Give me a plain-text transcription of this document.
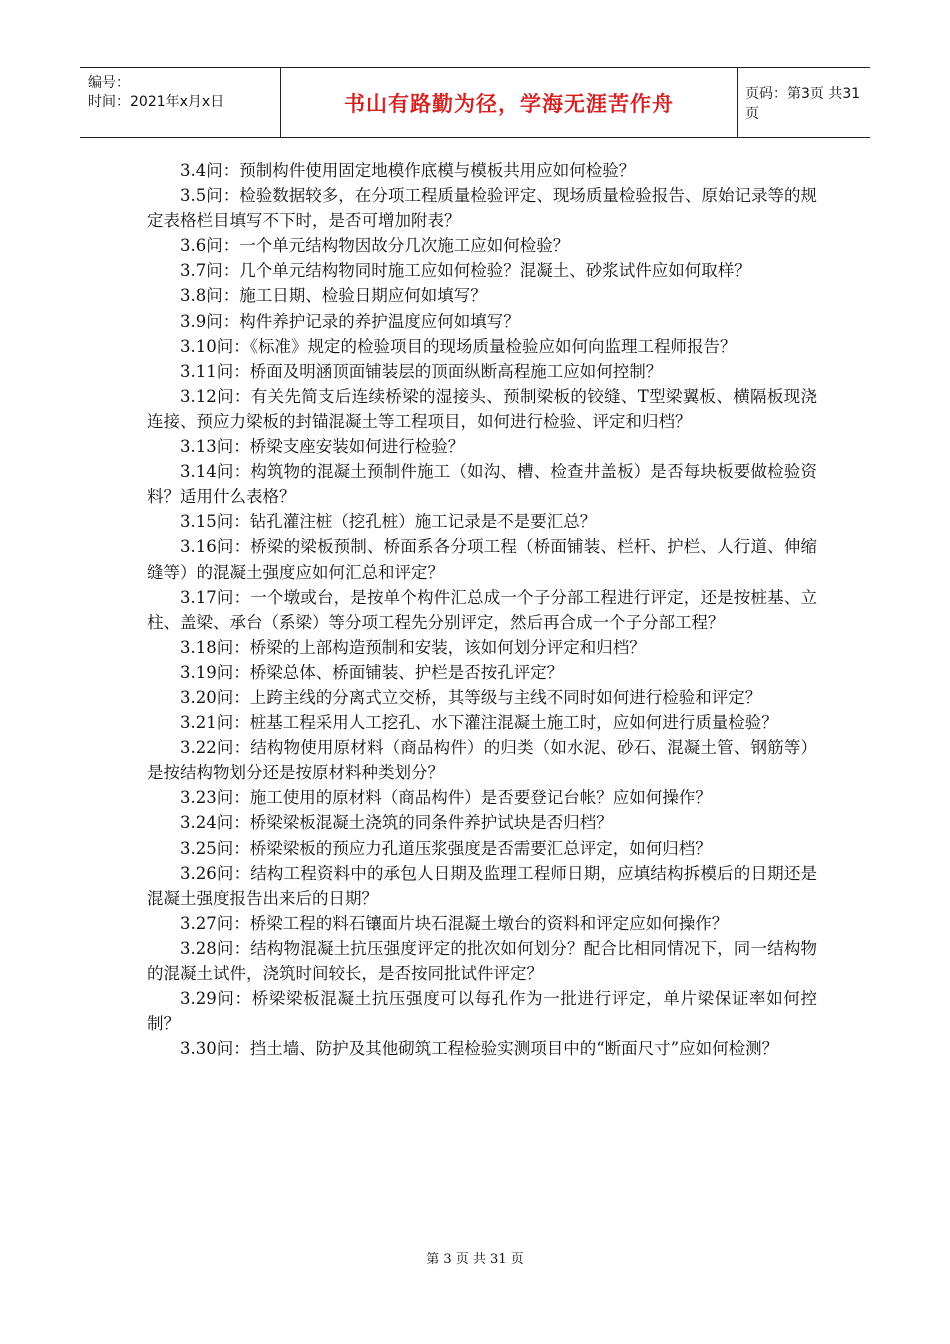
编号：
时间：2021年x月x日	书山有路勤为径，学海无涯苦作舟	页码：第3页 共31页
3.4问：预制构件使用固定地模作底模与模板共用应如何检验？
3.5问：检验数据较多，在分项工程质量检验评定、现场质量检验报告、原始记录等的规定表格栏目填写不下时，是否可增加附表？
3.6问：一个单元结构物因故分几次施工应如何检验？
3.7问：几个单元结构物同时施工应如何检验？混凝土、砂浆试件应如何取样？
3.8问：施工日期、检验日期应何如填写？
3.9问：构件养护记录的养护温度应何如填写？
3.10问：《标准》规定的检验项目的现场质量检验应如何向监理工程师报告？
3.11问：桥面及明涵顶面铺装层的顶面纵断高程施工应如何控制？
3.12问：有关先简支后连续桥梁的湿接头、预制梁板的铰缝、T型梁翼板、横隔板现浇连接、预应力梁板的封锚混凝土等工程项目，如何进行检验、评定和归档？
3.13问：桥梁支座安装如何进行检验？
3.14问：构筑物的混凝土预制件施工（如沟、槽、检查井盖板）是否每块板要做检验资料？适用什么表格？
3.15问：钻孔灌注桩（挖孔桩）施工记录是不是要汇总？
3.16问：桥梁的梁板预制、桥面系各分项工程（桥面铺装、栏杆、护栏、人行道、伸缩缝等）的混凝土强度应如何汇总和评定？
3.17问：一个墩或台，是按单个构件汇总成一个子分部工程进行评定，还是按桩基、立柱、盖梁、承台（系梁）等分项工程先分别评定，然后再合成一个子分部工程？
3.18问：桥梁的上部构造预制和安装，该如何划分评定和归档？
3.19问：桥梁总体、桥面铺装、护栏是否按孔评定？
3.20问：上跨主线的分离式立交桥，其等级与主线不同时如何进行检验和评定？
3.21问：桩基工程采用人工挖孔、水下灌注混凝土施工时，应如何进行质量检验？
3.22问：结构物使用原材料（商品构件）的归类（如水泥、砂石、混凝土管、钢筋等）是按结构物划分还是按原材料种类划分？
3.23问：施工使用的原材料（商品构件）是否要登记台帐？应如何操作？
3.24问：桥梁梁板混凝土浇筑的同条件养护试块是否归档？
3.25问：桥梁梁板的预应力孔道压浆强度是否需要汇总评定，如何归档？
3.26问：结构工程资料中的承包人日期及监理工程师日期，应填结构拆模后的日期还是混凝土强度报告出来后的日期？
3.27问：桥梁工程的料石镶面片块石混凝土墩台的资料和评定应如何操作？
3.28问：结构物混凝土抗压强度评定的批次如何划分？配合比相同情况下，同一结构物的混凝土试件，浇筑时间较长，是否按同批试件评定？
3.29问：桥梁梁板混凝土抗压强度可以每孔作为一批进行评定，单片梁保证率如何控制？
3.30问：挡土墙、防护及其他砌筑工程检验实测项目中的“断面尺寸”应如何检测？
第 3 页 共 31 页
